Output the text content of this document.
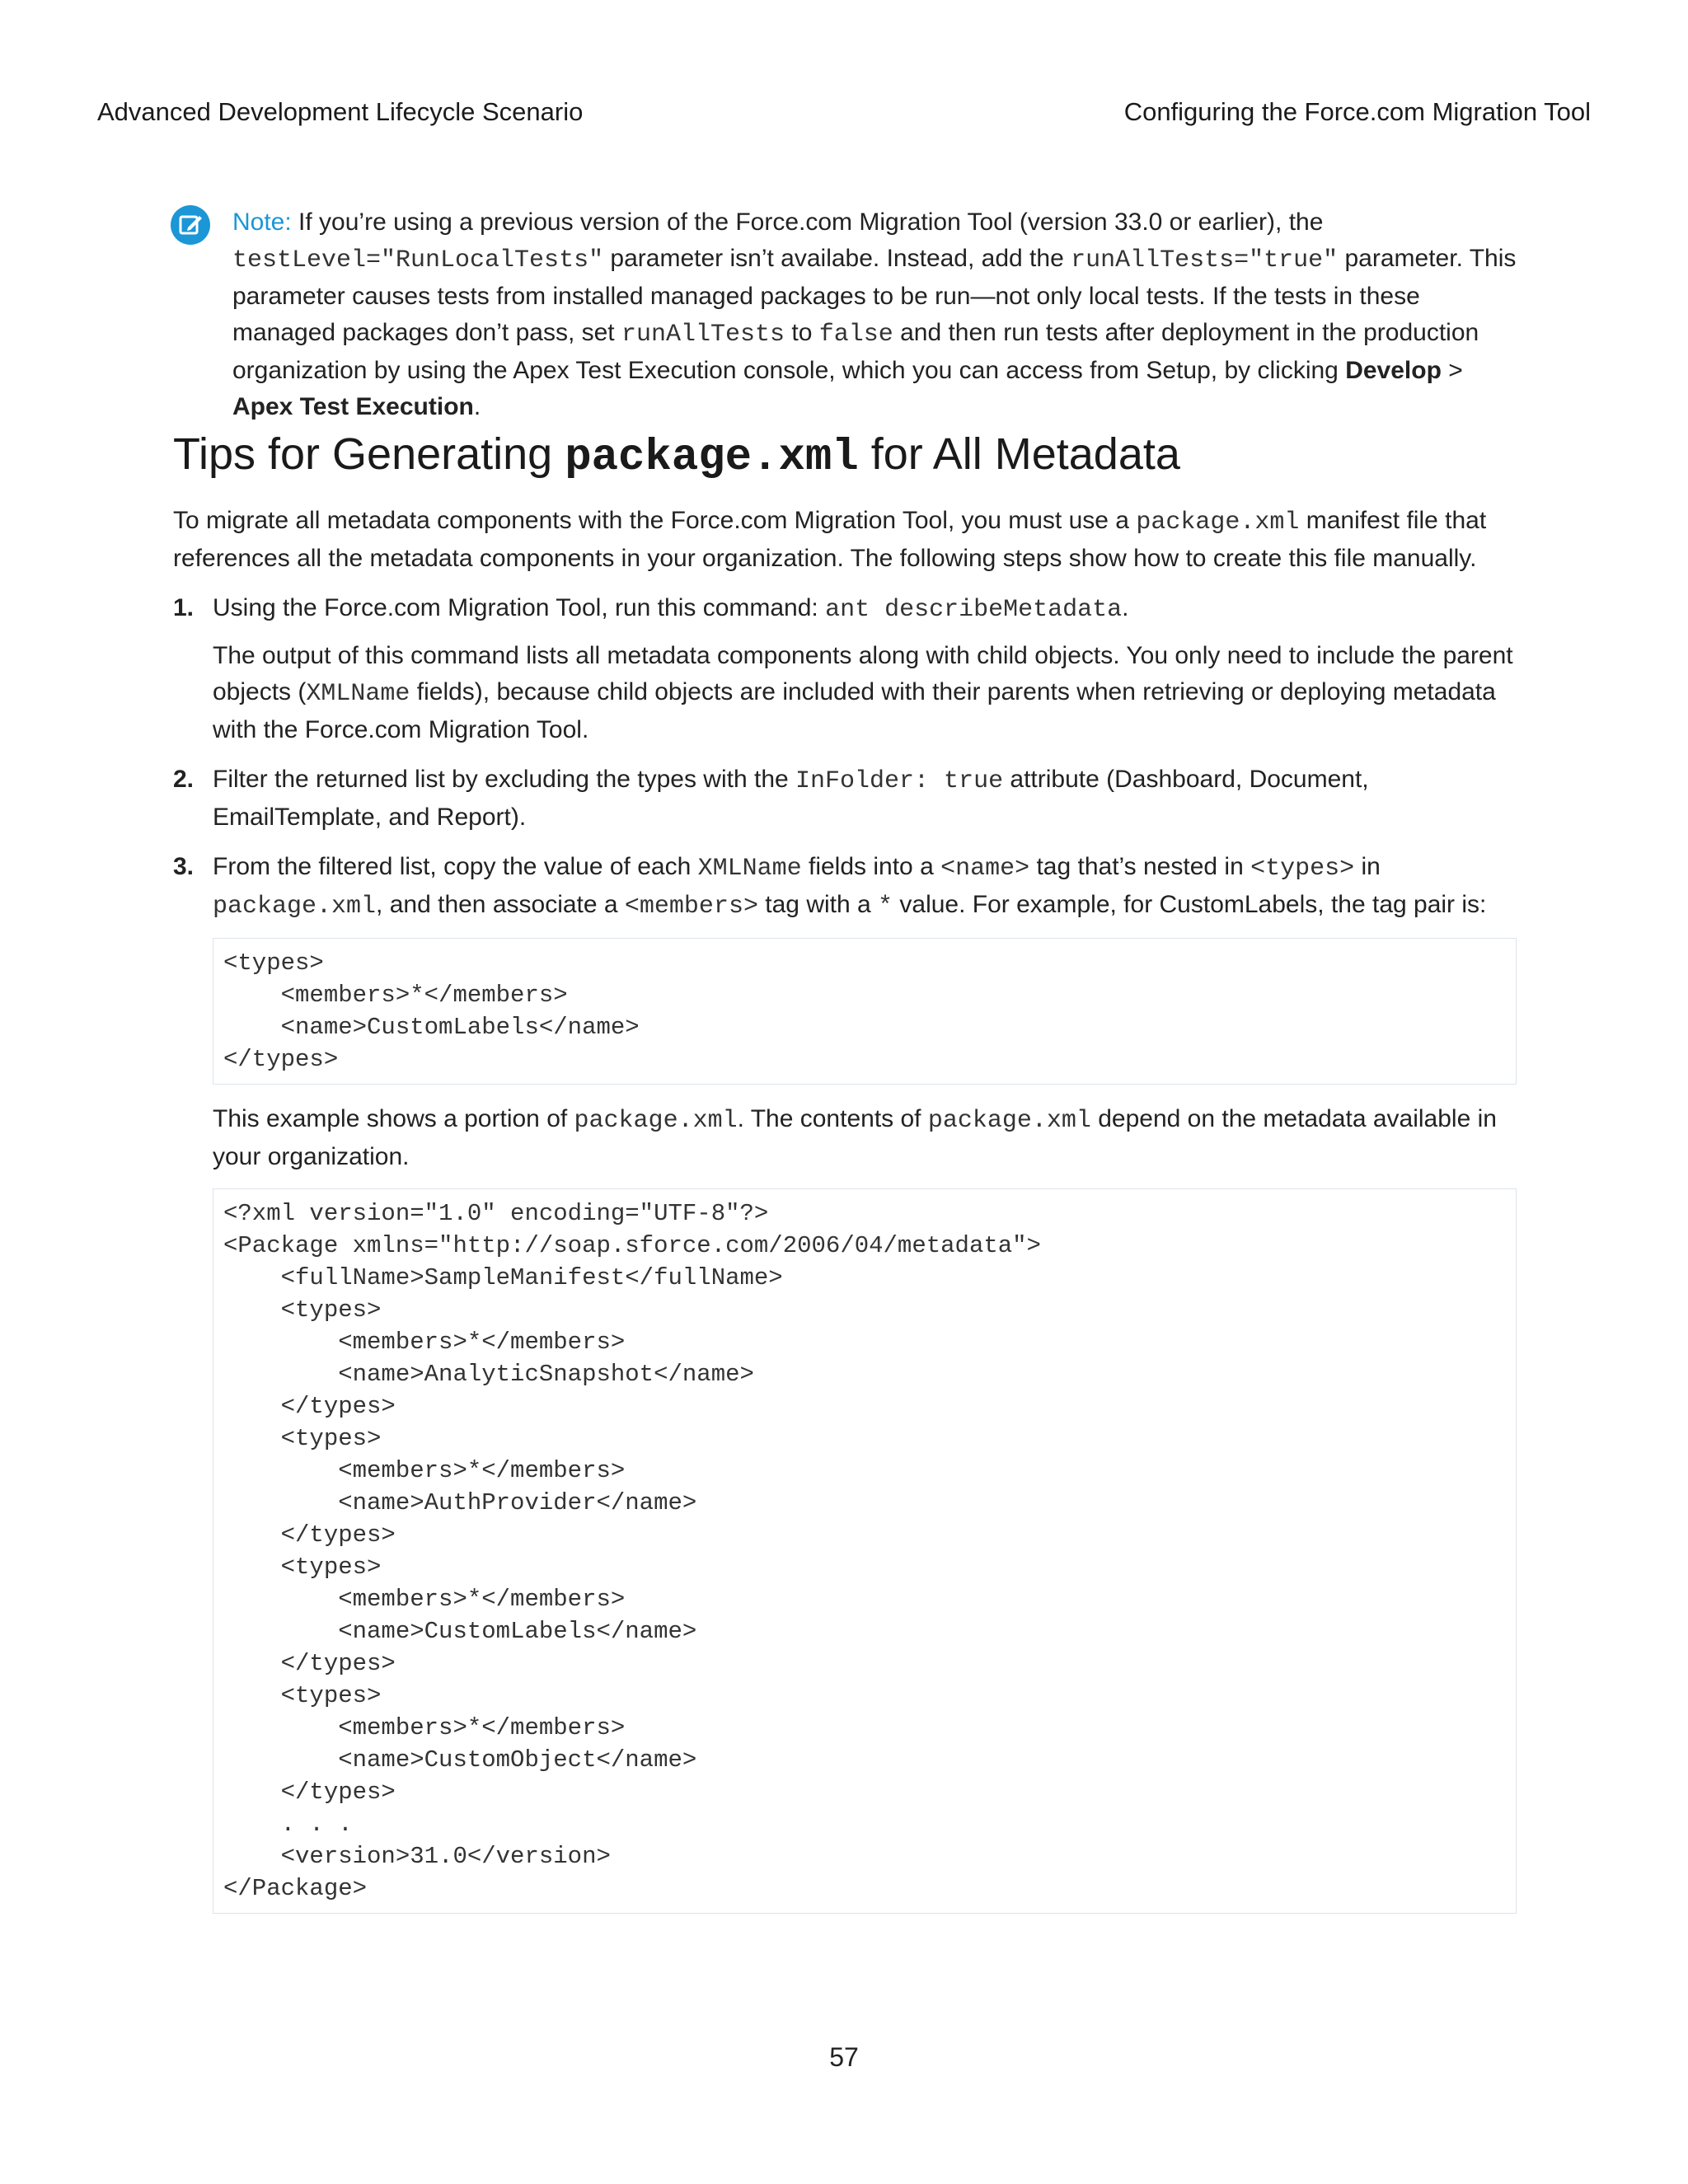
Advanced Development Lifecycle Scenario	Configuring the Force.com Migration Tool
Note: If you’re using a previous version of the Force.com Migration Tool (version 33.0 or earlier), the testLevel="RunLocalTests" parameter isn’t availabe. Instead, add the runAllTests="true" parameter. This parameter causes tests from installed managed packages to be run—not only local tests. If the tests in these managed packages don’t pass, set runAllTests to false and then run tests after deployment in the production organization by using the Apex Test Execution console, which you can access from Setup, by clicking Develop > Apex Test Execution.
Tips for Generating package.xml for All Metadata

To migrate all metadata components with the Force.com Migration Tool, you must use a package.xml manifest file that references all the metadata components in your organization. The following steps show how to create this file manually.

1. Using the Force.com Migration Tool, run this command: ant describeMetadata.

The output of this command lists all metadata components along with child objects. You only need to include the parent objects (XMLName fields), because child objects are included with their parents when retrieving or deploying metadata with the Force.com Migration Tool.

2. Filter the returned list by excluding the types with the InFolder: true attribute (Dashboard, Document, EmailTemplate, and Report).

3. From the filtered list, copy the value of each XMLName fields into a <name> tag that’s nested in <types> in package.xml, and then associate a <members> tag with a * value. For example, for CustomLabels, the tag pair is:

<types>
<members>*</members>
<name>CustomLabels</name>
</types>

This example shows a portion of package.xml. The contents of package.xml depend on the metadata available in your organization.

<?xml version="1.0" encoding="UTF-8"?>
<Package xmlns="http://soap.sforce.com/2006/04/metadata">
<fullName>SampleManifest</fullName>
<types>
<members>*</members>
<name>AnalyticSnapshot</name>
</types>
<types>
<members>*</members>
<name>AuthProvider</name>
</types>
<types>
<members>*</members>
<name>CustomLabels</name>
</types>
<types>
<members>*</members>
<name>CustomObject</name>
</types>
. . .
<version>31.0</version>
</Package>
57
